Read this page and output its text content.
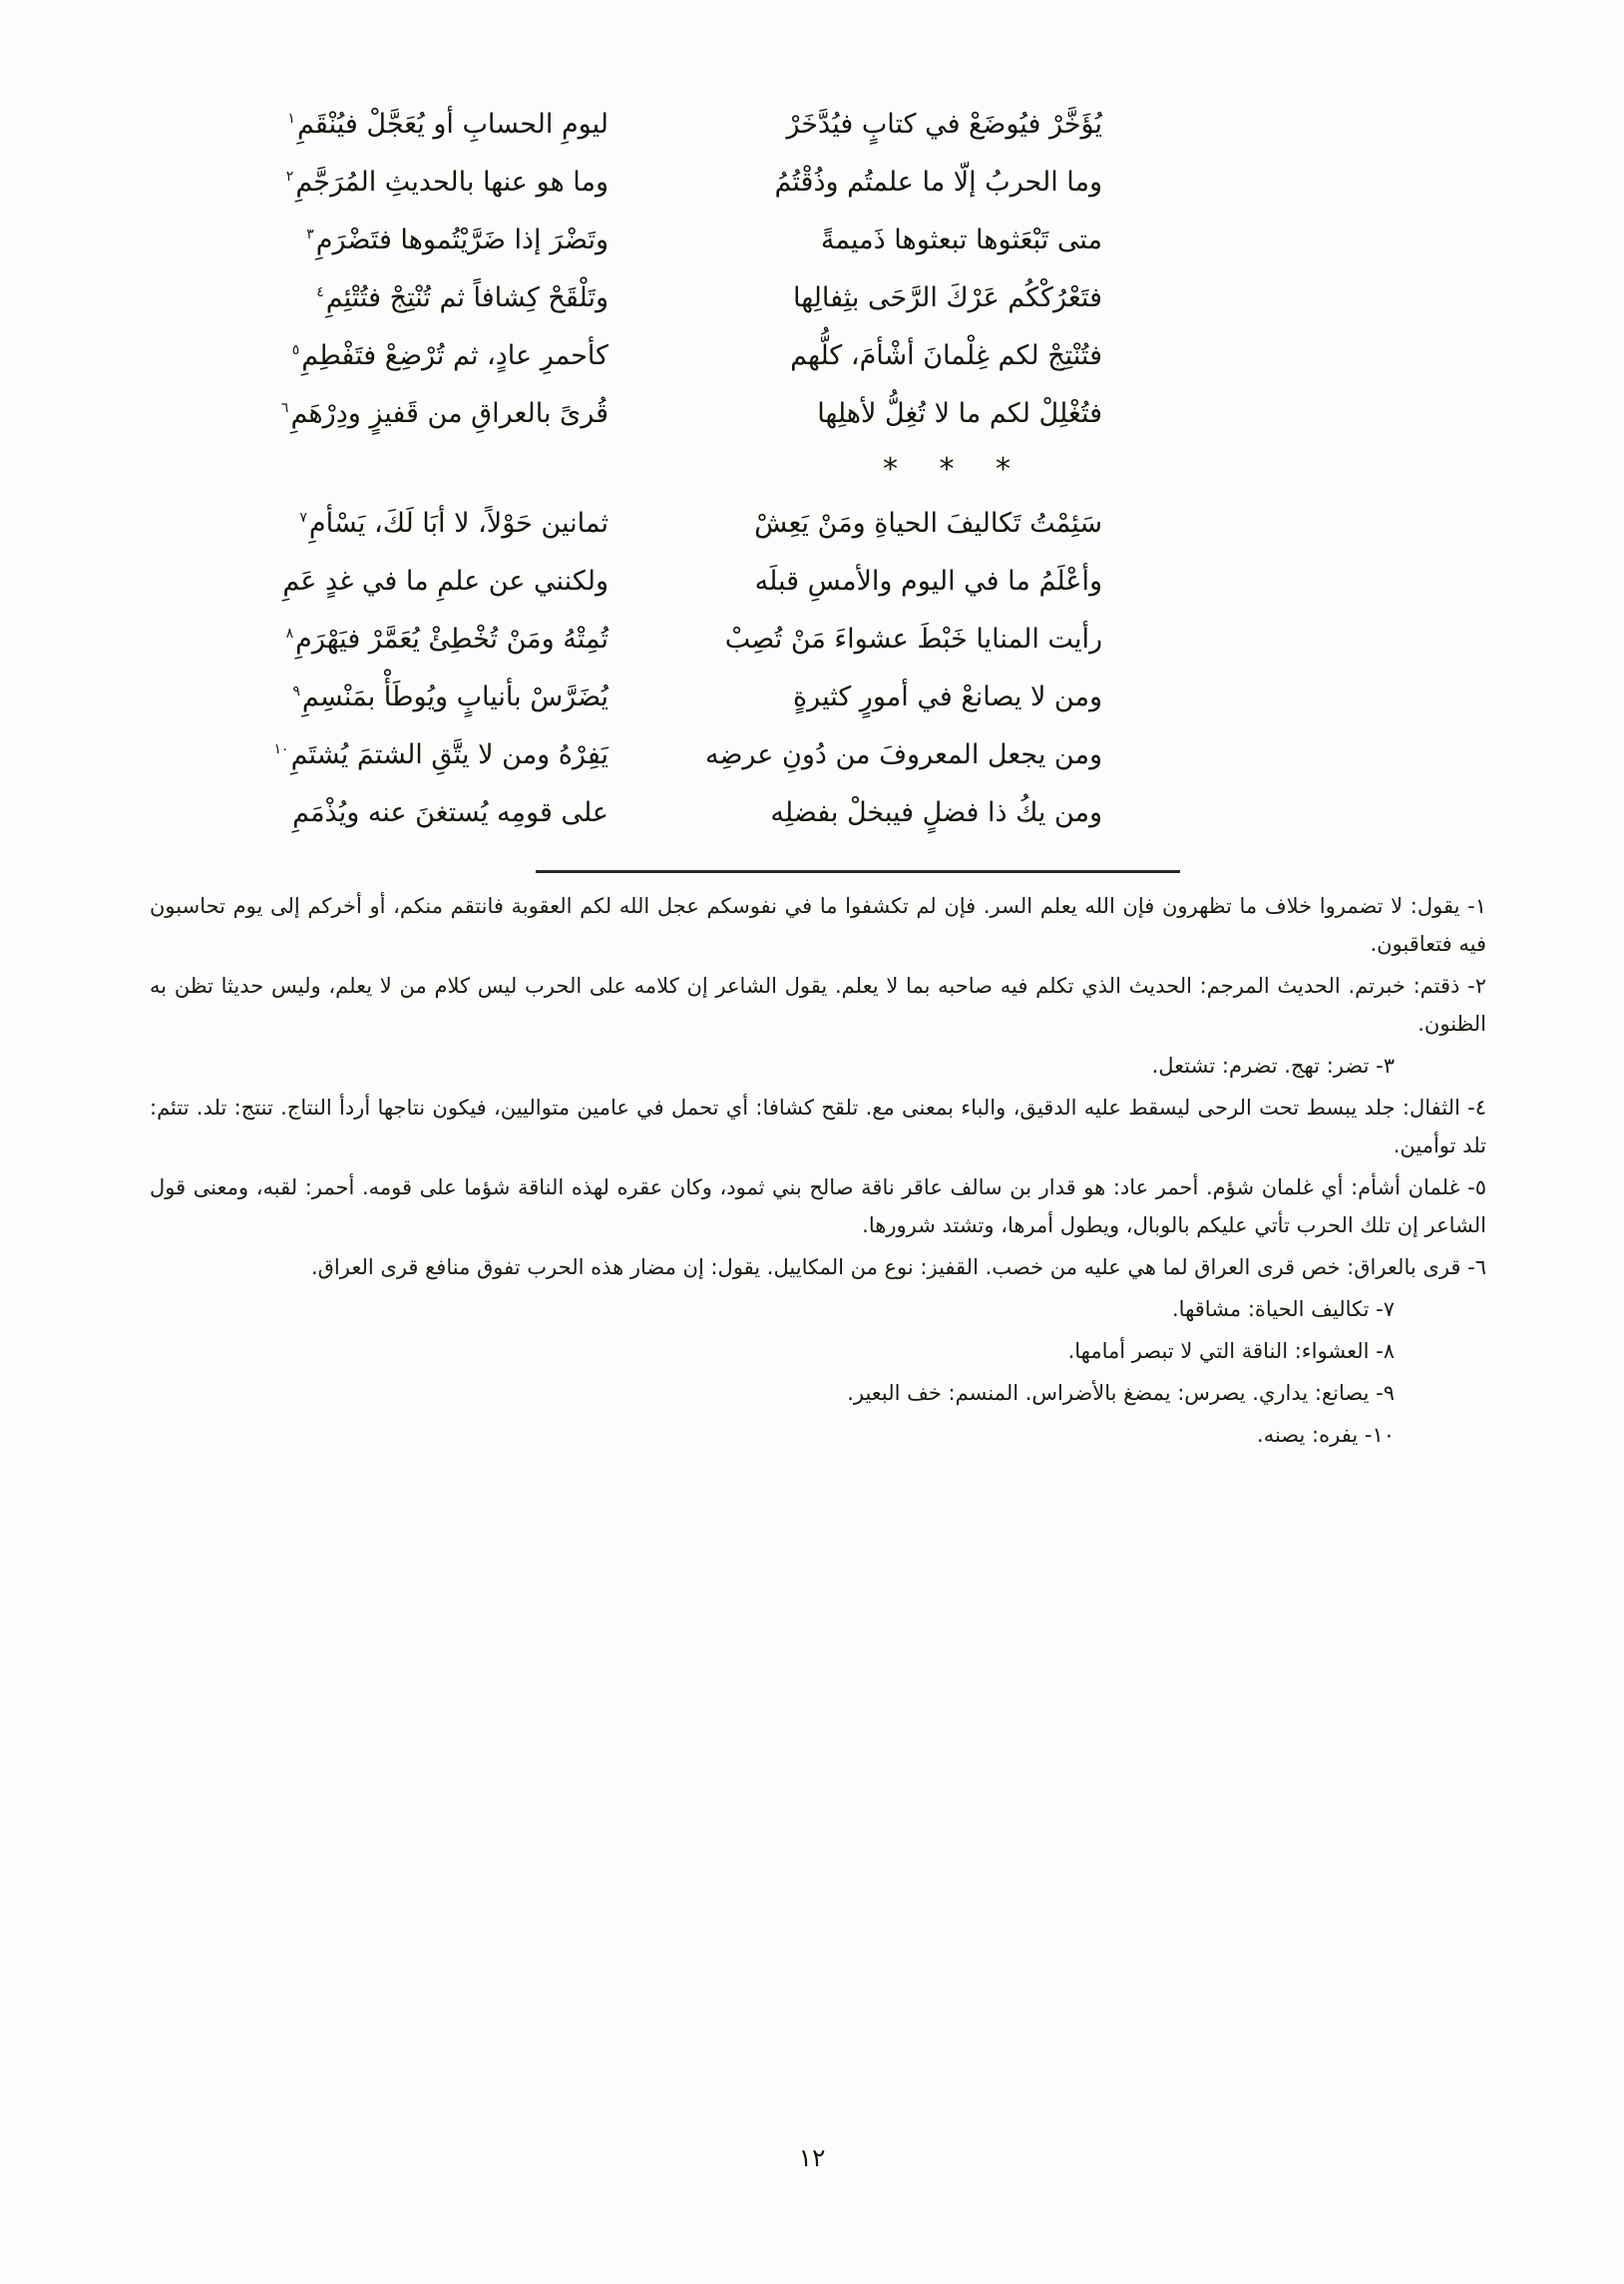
يُؤَخَّرْ فيُوضَعْ في كتابٍ فيُدَّخَرْ
ليومِ الحسابِ أو يُعَجَّلْ فيُنْقَمِ$^١$
وما الحربُ إلّا ما علمتُم وذُقْتُمُ
وما هو عنها بالحديثِ المُرَجَّمِ$^٢$
متى تَبْعَثوها تبعثوها ذَميمةً
وتَضْرَ إذا ضَرَّيْتُموها فتَضْرَمِ$^٣$
فتَعْرُكْكُم عَرْكَ الرَّحَى بثِفالِها
وتَلْقَحْ كِشافاً ثم تُنْتِجْ فتُتْئِمِ$^٤$
فتُنْتِجْ لكم غِلْمانَ أشْأمَ، كلُّهم
كأحمرِ عادٍ، ثم تُرْضِعْ فتَفْطِمِ$^٥$
فتُغْلِلْ لكم ما لا تُغِلُّ لأهلِها
قُرىً بالعراقِ من قَفيزٍ ودِرْهَمِ$^٦$
* * *
سَئِمْتُ تَكاليفَ الحياةِ ومَنْ يَعِشْ
ثمانين حَوْلاً، لا أبَا لَكَ، يَسْأمِ$^٧$
وأعْلَمُ ما في اليوم والأمسِ قبلَه
ولكنني عن علمِ ما في غدٍ عَمِ
رأيت المنايا خَبْطَ عشواءَ مَنْ تُصِبْ
تُمِتْهُ ومَنْ تُخْطِئْ يُعَمَّرْ فيَهْرَمِ$^٨$
ومن لا يصانعْ في أمورٍ كثيرةٍ
يُضَرَّسْ بأنيابٍ ويُوطَأْ بمَنْسِمِ$^٩$
ومن يجعل المعروفَ من دُونِ عرضِه
يَفِرْهُ ومن لا يتَّقِ الشتمَ يُشتَمِ$^{١٠}$
ومن يكُ ذا فضلٍ فيبخلْ بفضلِه
على قومِه يُستغنَ عنه ويُذْمَمِ

١- يقول: لا تضمروا خلاف ما تظهرون فإن الله يعلم السر. فإن لم تكشفوا ما في نفوسكم عجل الله لكم العقوبة فانتقم منكم، أو أخركم إلى يوم تحاسبون فيه فتعاقبون.

٢- ذقتم: خبرتم. الحديث المرجم: الحديث الذي تكلم فيه صاحبه بما لا يعلم. يقول الشاعر إن كلامه على الحرب ليس كلام من لا يعلم، وليس حديثا تظن به الظنون.

٣- تضر: تهج. تضرم: تشتعل.

٤- الثفال: جلد يبسط تحت الرحى ليسقط عليه الدقيق، والباء بمعنى مع. تلقح كشافا: أي تحمل في عامين متواليين، فيكون نتاجها أردأ النتاج. تنتج: تلد. تتئم: تلد توأمين.

٥- غلمان أشأم: أي غلمان شؤم. أحمر عاد: هو قدار بن سالف عاقر ناقة صالح بني ثمود، وكان عقره لهذه الناقة شؤما على قومه. أحمر: لقبه، ومعنى قول الشاعر إن تلك الحرب تأتي عليكم بالوبال، ويطول أمرها، وتشتد شرورها.

٦- قرى بالعراق: خص قرى العراق لما هي عليه من خصب. القفيز: نوع من المكاييل. يقول: إن مضار هذه الحرب تفوق منافع قرى العراق.

٧- تكاليف الحياة: مشاقها.

٨- العشواء: الناقة التي لا تبصر أمامها.

٩- يصانع: يداري. يصرس: يمضغ بالأضراس. المنسم: خف البعير.

١٠- يفره: يصنه.

١٢
